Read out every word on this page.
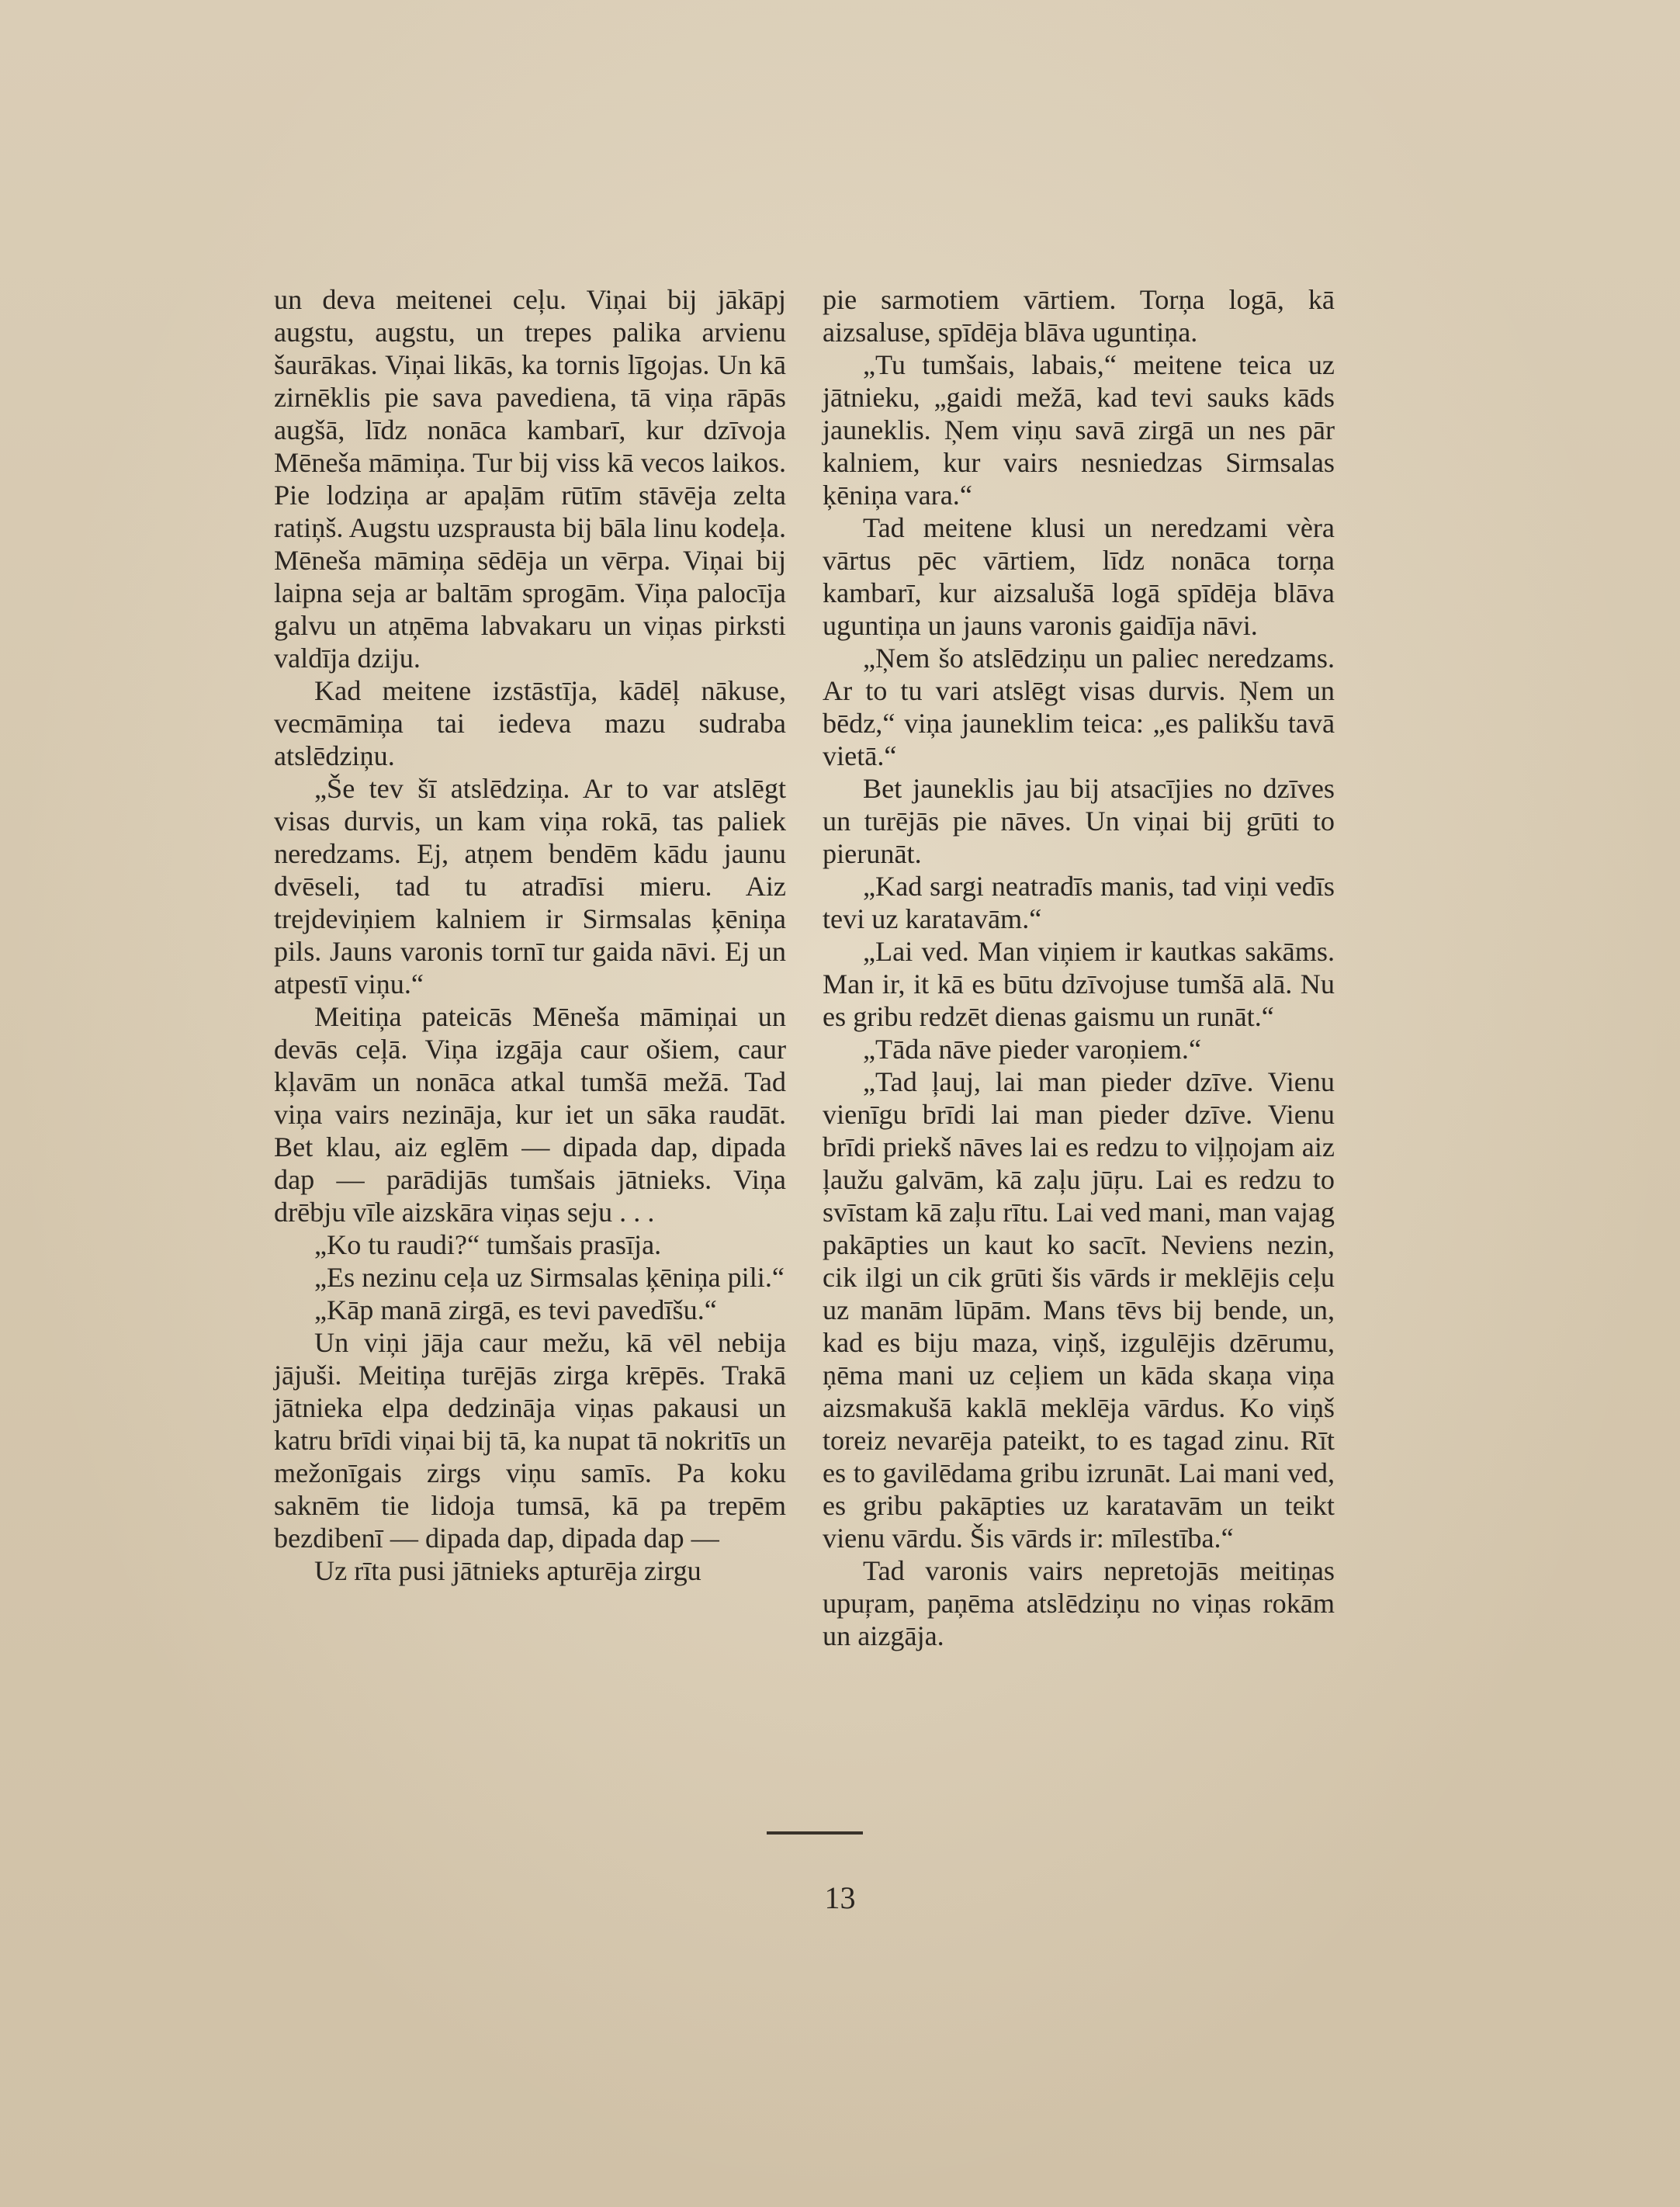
un deva meitenei ceļu. Viņai bij jākāpj augstu, augstu, un trepes palika arvienu šaurākas. Viņai likās, ka tornis līgojas. Un kā zirnēklis pie sava pavediena, tā viņa rāpās augšā, līdz nonāca kambarī, kur dzīvoja Mēneša māmiņa. Tur bij viss kā vecos laikos. Pie lodziņa ar apaļām rūtīm stāvēja zelta ratiņš. Augstu uzsprausta bij bāla linu kodeļa. Mēneša māmiņa sēdēja un vērpa. Viņai bij laipna seja ar baltām sprogām. Viņa palocīja galvu un atņēma labvakaru un viņas pirksti valdīja dziju.

Kad meitene izstāstīja, kādēļ nākuse, vecmāmiņa tai iedeva mazu sudraba atslēdziņu.

„Še tev šī atslēdziņa. Ar to var atslēgt visas durvis, un kam viņa rokā, tas paliek neredzams. Ej, atņem bendēm kādu jaunu dvēseli, tad tu atradīsi mieru. Aiz trejdeviņiem kalniem ir Sirmsalas ķēniņa pils. Jauns varonis tornī tur gaida nāvi. Ej un atpestī viņu.“

Meitiņa pateicās Mēneša māmiņai un devās ceļā. Viņa izgāja caur ošiem, caur kļavām un nonāca atkal tumšā mežā. Tad viņa vairs nezināja, kur iet un sāka raudāt. Bet klau, aiz eglēm — dipada dap, dipada dap — parādijās tumšais jātnieks. Viņa drēbju vīle aizskāra viņas seju . . .

„Ko tu raudi?“ tumšais prasīja.

„Es nezinu ceļa uz Sirmsalas ķēniņa pili.“

„Kāp manā zirgā, es tevi pavedīšu.“

Un viņi jāja caur mežu, kā vēl nebija jājuši. Meitiņa turējās zirga krēpēs. Trakā jātnieka elpa dedzināja viņas pakausi un katru brīdi viņai bij tā, ka nupat tā nokritīs un mežonīgais zirgs viņu samīs. Pa koku saknēm tie lidoja tumsā, kā pa trepēm bezdibenī — dipada dap, dipada dap —

Uz rīta pusi jātnieks apturēja zirgu

pie sarmotiem vārtiem. Torņa logā, kā aizsaluse, spīdēja blāva uguntiņa.

„Tu tumšais, labais,“ meitene teica uz jātnieku, „gaidi mežā, kad tevi sauks kāds jauneklis. Ņem viņu savā zirgā un nes pār kalniem, kur vairs nesniedzas Sirmsalas ķēniņa vara.“

Tad meitene klusi un neredzami vèra vārtus pēc vārtiem, līdz nonāca torņa kambarī, kur aizsalušā logā spīdēja blāva uguntiņa un jauns varonis gaidīja nāvi.

„Ņem šo atslēdziņu un paliec neredzams. Ar to tu vari atslēgt visas durvis. Ņem un bēdz,“ viņa jauneklim teica: „es palikšu tavā vietā.“

Bet jauneklis jau bij atsacījies no dzīves un turējās pie nāves. Un viņai bij grūti to pierunāt.

„Kad sargi neatradīs manis, tad viņi vedīs tevi uz karatavām.“

„Lai ved. Man viņiem ir kautkas sakāms. Man ir, it kā es būtu dzīvojuse tumšā alā. Nu es gribu redzēt dienas gaismu un runāt.“

„Tāda nāve pieder varoņiem.“

„Tad ļauj, lai man pieder dzīve. Vienu vienīgu brīdi lai man pieder dzīve. Vienu brīdi priekš nāves lai es redzu to viļņojam aiz ļaužu galvām, kā zaļu jūŗu. Lai es redzu to svīstam kā zaļu rītu. Lai ved mani, man vajag pakāpties un kaut ko sacīt. Neviens nezin, cik ilgi un cik grūti šis vārds ir meklējis ceļu uz manām lūpām. Mans tēvs bij bende, un, kad es biju maza, viņš, izgulējis dzērumu, ņēma mani uz ceļiem un kāda skaņa viņa aizsmakušā kaklā meklēja vārdus. Ko viņš toreiz nevarēja pateikt, to es tagad zinu. Rīt es to gavilēdama gribu izrunāt. Lai mani ved, es gribu pakāpties uz karatavām un teikt vienu vārdu. Šis vārds ir: mīlestība.“

Tad varonis vairs nepretojās meitiņas upuŗam, paņēma atslēdziņu no viņas rokām un aizgāja.

13
